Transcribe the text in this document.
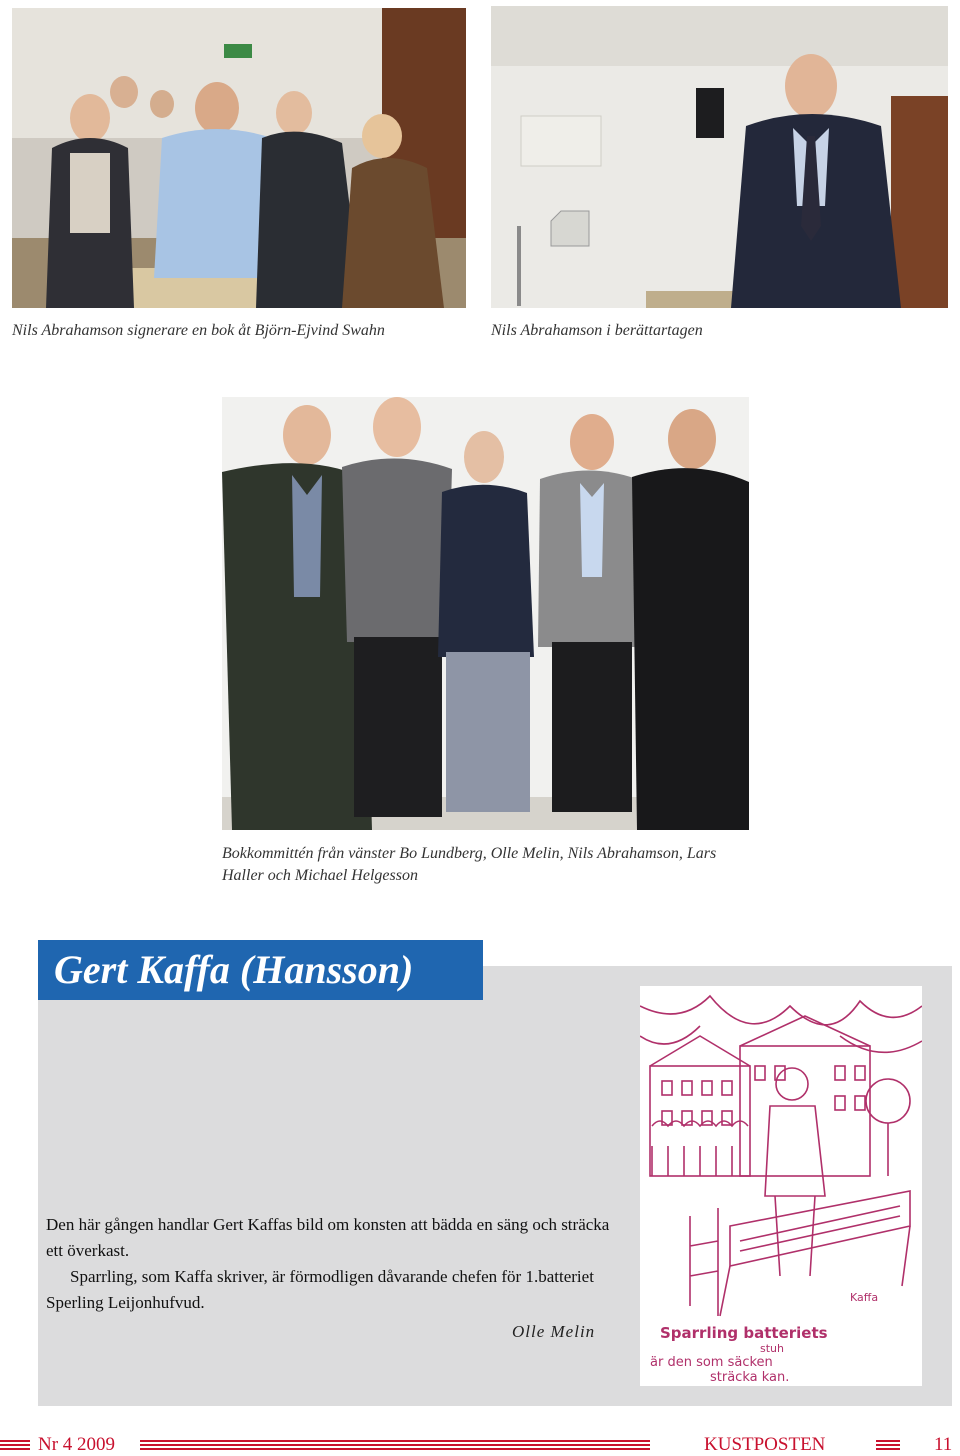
Nils Abrahamson signerare en bok åt Björn-Ejvind Swahn	Nils Abrahamson i berättartagen

Bokkommittén från vänster Bo Lundberg, Olle Melin, Nils Abrahamson, Lars Haller och Michael Helgesson

Gert Kaffa (Hansson)
Kaffa
Sparrling batteriets
stuh
är den som säcken
sträcka kan.

Den här gången handlar Gert Kaffas bild om konsten att bädda en säng och sträcka ett överkast.

Sparrling, som Kaffa skriver, är förmodligen dåvarande chefen för 1.batteriet Sperling Leijonhufvud.

Olle Melin
Nr 4 2009	KUSTPOSTEN	11
